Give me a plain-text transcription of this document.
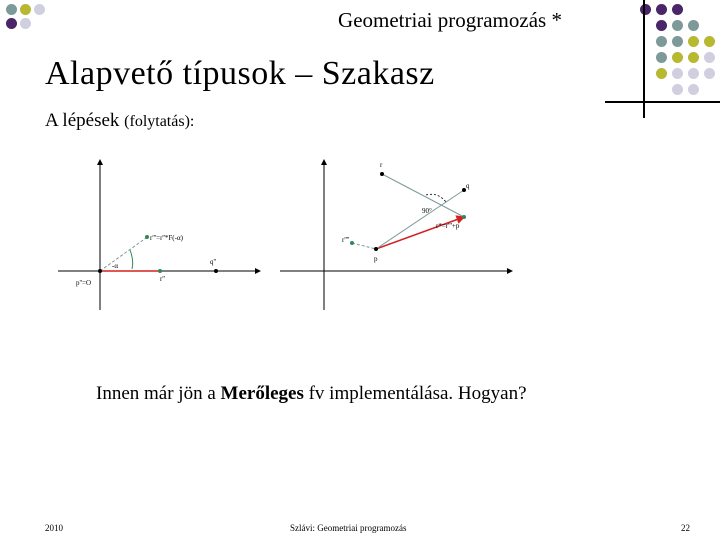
Geometriai programozás *
Alapvető típusok – Szakasz
A lépések (folytatás):
p''=O
r'''=r''*F(-α)
-α	q''
r''
r
q
90°
r*=r'''+p
r''''
p
Innen már jön a Merőleges fv implementálása. Hogyan?
2010	Szlávi: Geometriai programozás	22
